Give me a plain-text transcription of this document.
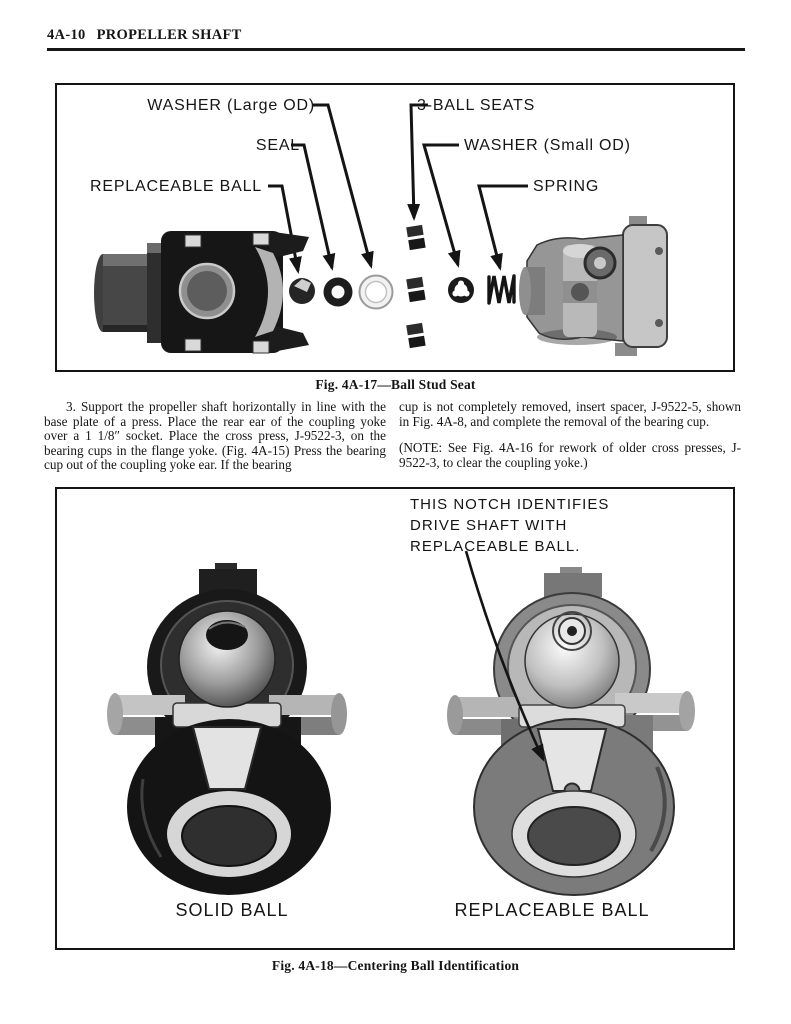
4A-10 PROPELLER SHAFT
WASHER (Large OD)	3-BALL SEATS
SEAL	WASHER (Small OD)
REPLACEABLE BALL	SPRING
Fig. 4A-17—Ball Stud Seat

3. Support the propeller shaft horizontally in line with the base plate of a press. Place the rear ear of the coupling yoke over a 1 1/8″ socket. Place the cross press, J-9522-3, on the bearing cups in the flange yoke. (Fig. 4A-15) Press the bearing cup out of the coupling yoke ear. If the bearing

cup is not completely removed, insert spacer, J-9522-5, shown in Fig. 4A-8, and complete the removal of the bearing cup.

(NOTE: See Fig. 4A-16 for rework of older cross presses, J-9522-3, to clear the coupling yoke.)

THIS NOTCH IDENTIFIES
DRIVE SHAFT WITH
REPLACEABLE BALL.
SOLID BALL	REPLACEABLE BALL
Fig. 4A-18—Centering Ball Identification
